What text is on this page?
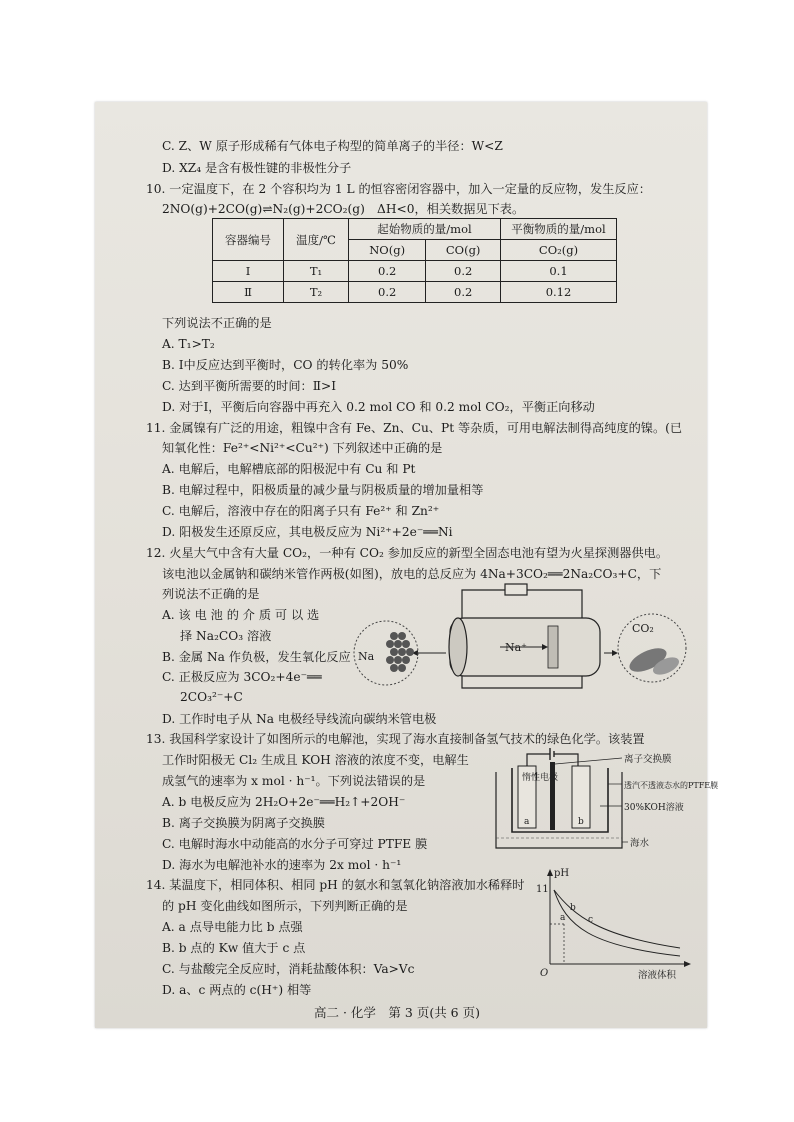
C. Z、W 原子形成稀有气体电子构型的简单离子的半径：W<Z
D. XZ₄ 是含有极性键的非极性分子
10. 一定温度下，在 2 个容积均为 1 L 的恒容密闭容器中，加入一定量的反应物，发生反应：
2NO(g)+2CO(g)⇌N₂(g)+2CO₂(g)　ΔH<0，相关数据见下表。
容器编号	温度/℃	起始物质的量/mol		平衡物质的量/mol
		NO(g)	CO(g)	CO₂(g)
Ⅰ	T₁	0.2	0.2	0.1
Ⅱ	T₂	0.2	0.2	0.12
下列说法不正确的是
A. T₁>T₂
B. Ⅰ中反应达到平衡时，CO 的转化率为 50%
C. 达到平衡所需要的时间：Ⅱ>Ⅰ
D. 对于Ⅰ，平衡后向容器中再充入 0.2 mol CO 和 0.2 mol CO₂，平衡正向移动
11. 金属镍有广泛的用途，粗镍中含有 Fe、Zn、Cu、Pt 等杂质，可用电解法制得高纯度的镍。(已
知氧化性：Fe²⁺<Ni²⁺<Cu²⁺) 下列叙述中正确的是
A. 电解后，电解槽底部的阳极泥中有 Cu 和 Pt
B. 电解过程中，阳极质量的减少量与阴极质量的增加量相等
C. 电解后，溶液中存在的阳离子只有 Fe²⁺ 和 Zn²⁺
D. 阳极发生还原反应，其电极反应为 Ni²⁺+2e⁻══Ni
12. 火星大气中含有大量 CO₂，一种有 CO₂ 参加反应的新型全固态电池有望为火星探测器供电。
该电池以金属钠和碳纳米管作两极(如图)，放电的总反应为 4Na+3CO₂══2Na₂CO₃+C，下
列说法不正确的是
A. 该 电 池 的 介 质 可 以 选
择 Na₂CO₃ 溶液
B. 金属 Na 作负极，发生氧化反应
C. 正极反应为 3CO₂+4e⁻══
2CO₃²⁻+C
D. 工作时电子从 Na 电极经导线流向碳纳米管电极
13. 我国科学家设计了如图所示的电解池，实现了海水直接制备氢气技术的绿色化学。该装置
工作时阳极无 Cl₂ 生成且 KOH 溶液的浓度不变，电解生
成氢气的速率为 x mol · h⁻¹。下列说法错误的是
A. b 电极反应为 2H₂O+2e⁻══H₂↑+2OH⁻
B. 离子交换膜为阴离子交换膜
C. 电解时海水中动能高的水分子可穿过 PTFE 膜
D. 海水为电解池补水的速率为 2x mol · h⁻¹
14. 某温度下，相同体积、相同 pH 的氨水和氢氧化钠溶液加水稀释时
的 pH 变化曲线如图所示，下列判断正确的是
A. a 点导电能力比 b 点强
B. b 点的 Kw 值大于 c 点
C. 与盐酸完全反应时，消耗盐酸体积：Va>Vc
D. a、c 两点的 c(H⁺) 相等
Na⁺
Na
CO₂
惰性电极
a	b
离子交换膜
透汽不透液态水的PTFE膜
30%KOH溶液
海水
pH
11
O	溶液体积
a
b
c
高二 · 化学　第 3 页(共 6 页)
